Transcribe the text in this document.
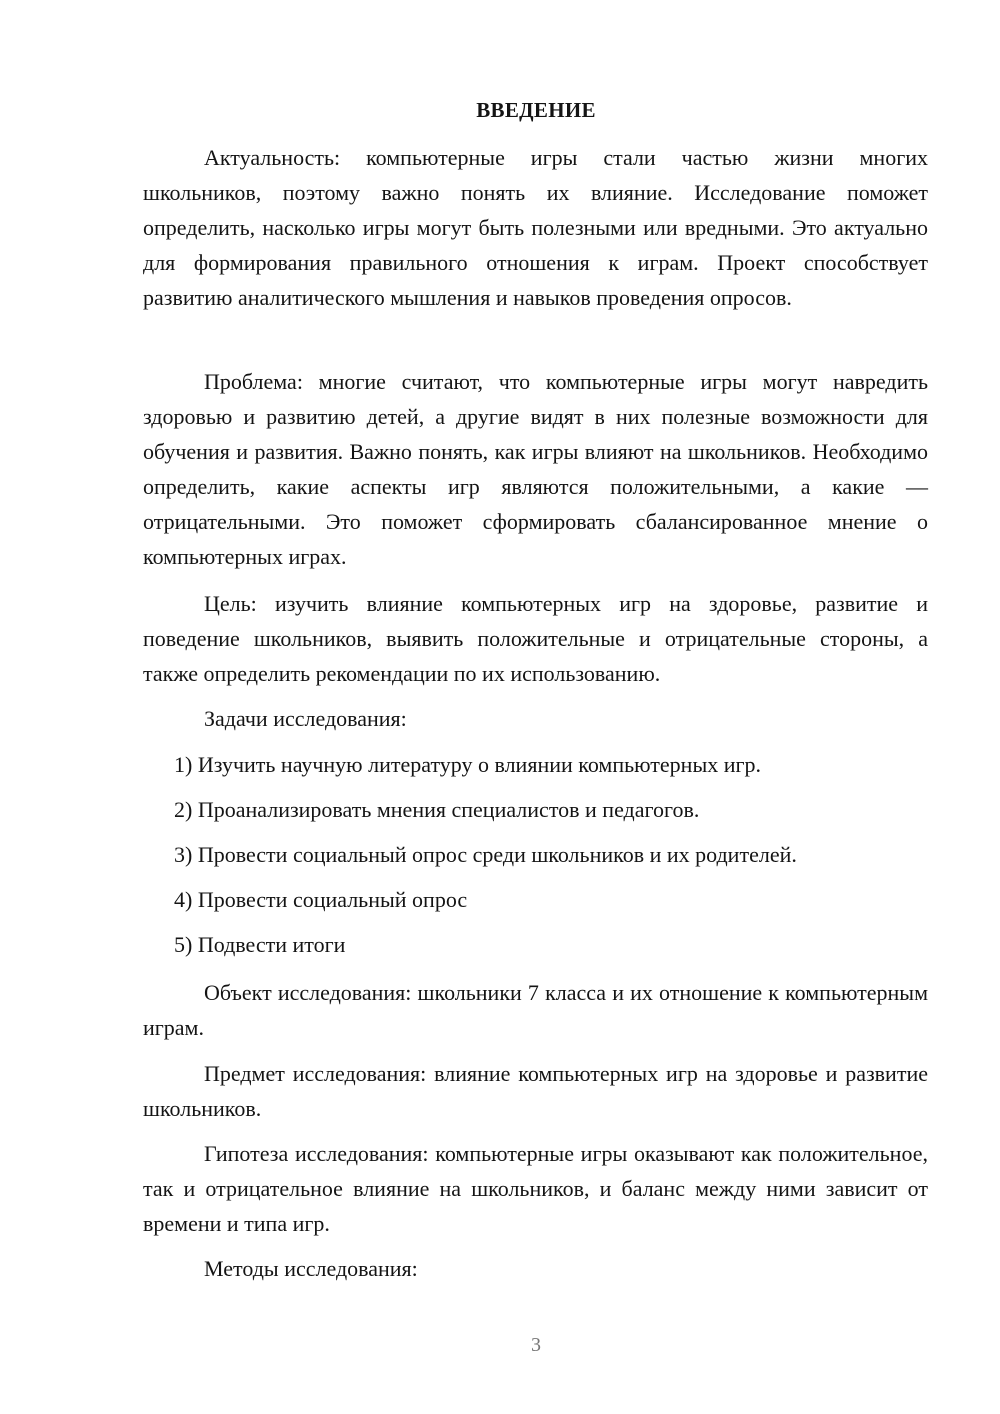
ВВЕДЕНИЕ

Актуальность: компьютерные игры стали частью жизни многих школьников, поэтому важно понять их влияние. Исследование поможет определить, насколько игры могут быть полезными или вредными. Это актуально для формирования правильного отношения к играм. Проект способствует развитию аналитического мышления и навыков проведения опросов.

Проблема: многие считают, что компьютерные игры могут навредить здоровью и развитию детей, а другие видят в них полезные возможности для обучения и развития. Важно понять, как игры влияют на школьников. Необходимо определить, какие аспекты игр являются положительными, а какие — отрицательными. Это поможет сформировать сбалансированное мнение о компьютерных играх.

Цель: изучить влияние компьютерных игр на здоровье, развитие и поведение школьников, выявить положительные и отрицательные стороны, а также определить рекомендации по их использованию.

Задачи исследования:
1) Изучить научную литературу о влиянии компьютерных игр.
2) Проанализировать мнения специалистов и педагогов.
3) Провести социальный опрос среди школьников и их родителей.
4) Провести социальный опрос
5) Подвести итоги

Объект исследования: школьники 7 класса и их отношение к компьютерным играм.

Предмет исследования: влияние компьютерных игр на здоровье и развитие школьников.

Гипотеза исследования: компьютерные игры оказывают как положительное, так и отрицательное влияние на школьников, и баланс между ними зависит от времени и типа игр.

Методы исследования:
3
